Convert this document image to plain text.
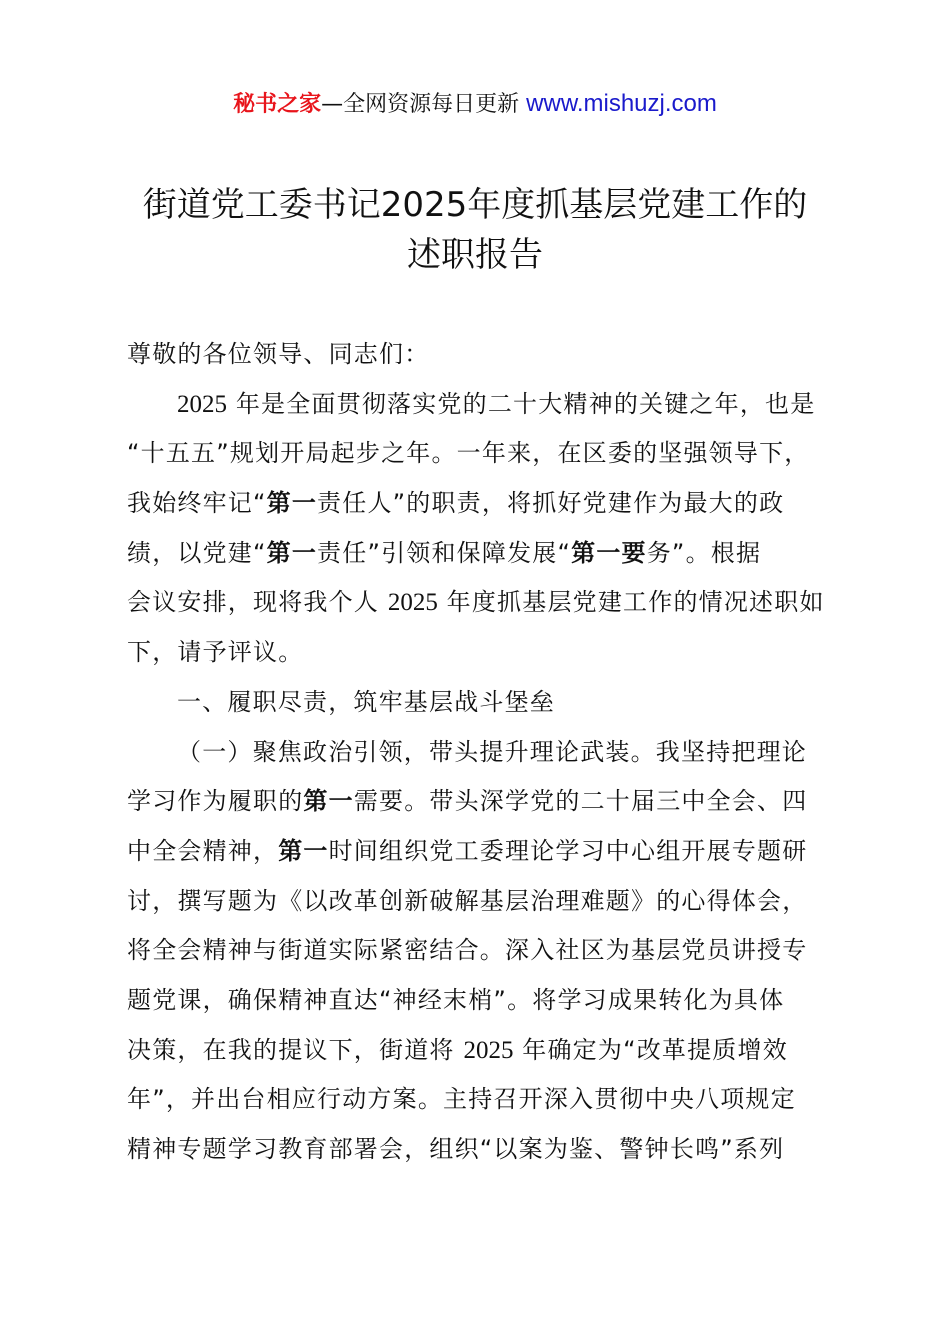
秘书之家—全网资源每日更新 www.mishuzj.com
街道党工委书记2025年度抓基层党建工作的
述职报告
尊敬的各位领导、同志们：
2025 年是全面贯彻落实党的二十大精神的关键之年，也是
“十五五”规划开局起步之年。一年来，在区委的坚强领导下，
我始终牢记“第一责任人”的职责，将抓好党建作为最大的政
绩，以党建“第一责任”引领和保障发展“第一要务”。根据
会议安排，现将我个人 2025 年度抓基层党建工作的情况述职如
下，请予评议。
一、履职尽责，筑牢基层战斗堡垒
（一）聚焦政治引领，带头提升理论武装。我坚持把理论
学习作为履职的第一需要。带头深学党的二十届三中全会、四
中全会精神，第一时间组织党工委理论学习中心组开展专题研
讨，撰写题为《以改革创新破解基层治理难题》的心得体会，
将全会精神与街道实际紧密结合。深入社区为基层党员讲授专
题党课，确保精神直达“神经末梢”。将学习成果转化为具体
决策，在我的提议下，街道将 2025 年确定为“改革提质增效
年”，并出台相应行动方案。主持召开深入贯彻中央八项规定
精神专题学习教育部署会，组织“以案为鉴、警钟长鸣”系列
